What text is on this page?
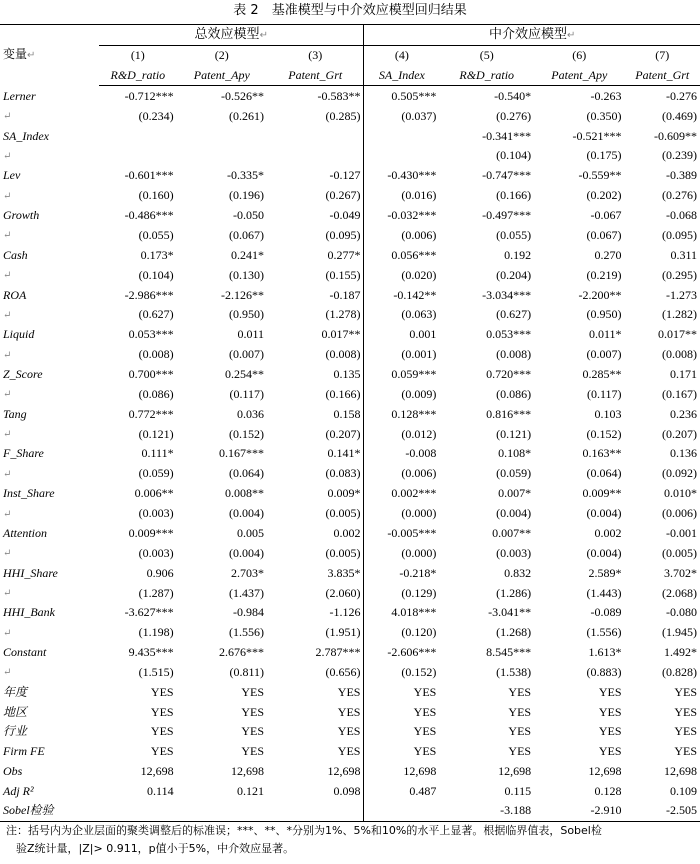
表 2　基准模型与中介效应模型回归结果
变量↵	总效应模型↵			中介效应模型↵			
	(1)	(2)	(3)	(4)	(5)	(6)	(7)
	R&D_ratio	Patent_Apy	Patent_Grt	SA_Index	R&D_ratio	Patent_Apy	Patent_Grt
Lerner	-0.712***	-0.526**	-0.583**	0.505***	-0.540*	-0.263	-0.276
↵	(0.234)	(0.261)	(0.285)	(0.037)	(0.276)	(0.350)	(0.469)
SA_Index					-0.341***	-0.521***	-0.609**
↵					(0.104)	(0.175)	(0.239)
Lev	-0.601***	-0.335*	-0.127	-0.430***	-0.747***	-0.559**	-0.389
↵	(0.160)	(0.196)	(0.267)	(0.016)	(0.166)	(0.202)	(0.276)
Growth	-0.486***	-0.050	-0.049	-0.032***	-0.497***	-0.067	-0.068
↵	(0.055)	(0.067)	(0.095)	(0.006)	(0.055)	(0.067)	(0.095)
Cash	0.173*	0.241*	0.277*	0.056***	0.192	0.270	0.311
↵	(0.104)	(0.130)	(0.155)	(0.020)	(0.204)	(0.219)	(0.295)
ROA	-2.986***	-2.126**	-0.187	-0.142**	-3.034***	-2.200**	-1.273
↵	(0.627)	(0.950)	(1.278)	(0.063)	(0.627)	(0.950)	(1.282)
Liquid	0.053***	0.011	0.017**	0.001	0.053***	0.011*	0.017**
↵	(0.008)	(0.007)	(0.008)	(0.001)	(0.008)	(0.007)	(0.008)
Z_Score	0.700***	0.254**	0.135	0.059***	0.720***	0.285**	0.171
↵	(0.086)	(0.117)	(0.166)	(0.009)	(0.086)	(0.117)	(0.167)
Tang	0.772***	0.036	0.158	0.128***	0.816***	0.103	0.236
↵	(0.121)	(0.152)	(0.207)	(0.012)	(0.121)	(0.152)	(0.207)
F_Share	0.111*	0.167***	0.141*	-0.008	0.108*	0.163**	0.136
↵	(0.059)	(0.064)	(0.083)	(0.006)	(0.059)	(0.064)	(0.092)
Inst_Share	0.006**	0.008**	0.009*	0.002***	0.007*	0.009**	0.010*
↵	(0.003)	(0.004)	(0.005)	(0.000)	(0.004)	(0.004)	(0.006)
Attention	0.009***	0.005	0.002	-0.005***	0.007**	0.002	-0.001
↵	(0.003)	(0.004)	(0.005)	(0.000)	(0.003)	(0.004)	(0.005)
HHI_Share	0.906	2.703*	3.835*	-0.218*	0.832	2.589*	3.702*
↵	(1.287)	(1.437)	(2.060)	(0.129)	(1.286)	(1.443)	(2.068)
HHI_Bank	-3.627***	-0.984	-1.126	4.018***	-3.041**	-0.089	-0.080
↵	(1.198)	(1.556)	(1.951)	(0.120)	(1.268)	(1.556)	(1.945)
Constant	9.435***	2.676***	2.787***	-2.606***	8.545***	1.613*	1.492*
↵	(1.515)	(0.811)	(0.656)	(0.152)	(1.538)	(0.883)	(0.828)
年度	YES	YES	YES	YES	YES	YES	YES
地区	YES	YES	YES	YES	YES	YES	YES
行业	YES	YES	YES	YES	YES	YES	YES
Firm FE	YES	YES	YES	YES	YES	YES	YES
Obs	12,698	12,698	12,698	12,698	12,698	12,698	12,698
Adj R²	0.114	0.121	0.098	0.487	0.115	0.128	0.109
Sobel检验					-3.188	-2.910	-2.505
注：括号内为企业层面的聚类调整后的标准误；***、**、*分别为1%、5%和10%的水平上显著。根据临界值表，Sobel检
验Z统计量，|Z|> 0.911，p值小于5%，中介效应显著。
